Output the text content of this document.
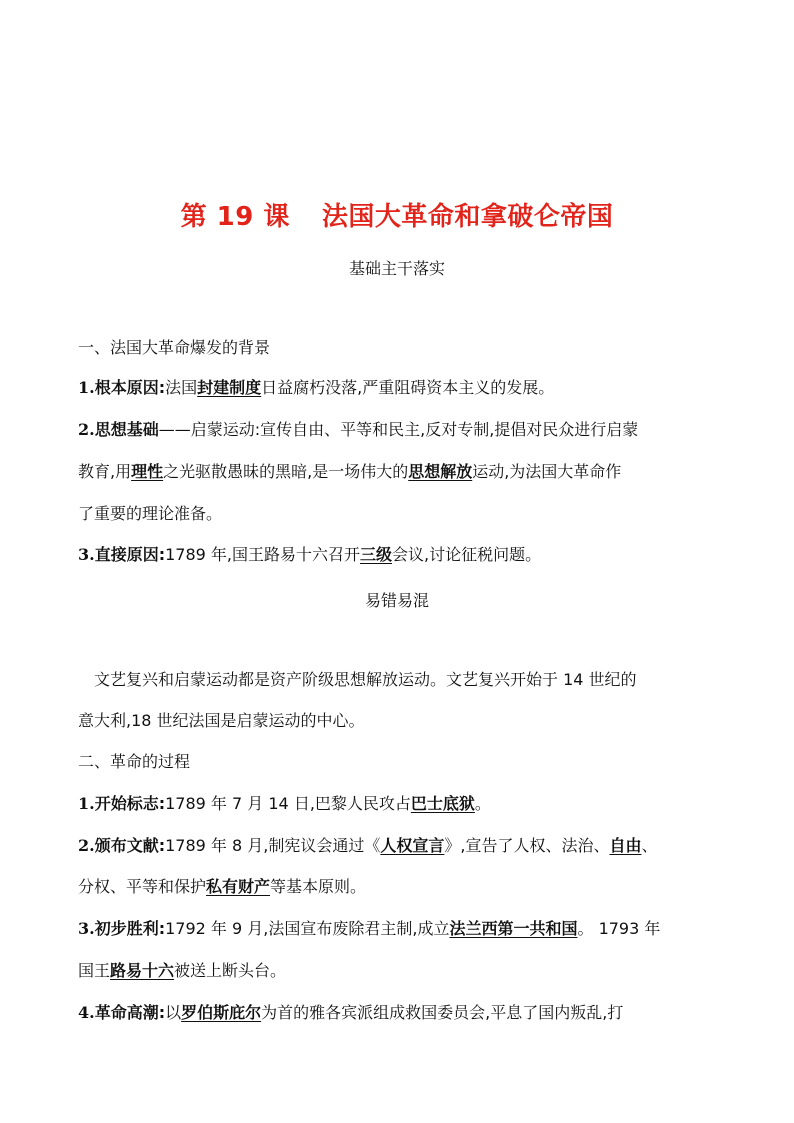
第 19 课 法国大革命和拿破仑帝国
基础主干落实
一、法国大革命爆发的背景
1.根本原因:法国封建制度日益腐朽没落,严重阻碍资本主义的发展。
2.思想基础——启蒙运动:宣传自由、平等和民主,反对专制,提倡对民众进行启蒙
教育,用理性之光驱散愚昧的黑暗,是一场伟大的思想解放运动,为法国大革命作
了重要的理论准备。
3.直接原因:1789 年,国王路易十六召开三级会议,讨论征税问题。
易错易混
文艺复兴和启蒙运动都是资产阶级思想解放运动。文艺复兴开始于 14 世纪的
意大利,18 世纪法国是启蒙运动的中心。
二、革命的过程
1.开始标志:1789 年 7 月 14 日,巴黎人民攻占巴士底狱。
2.颁布文献:1789 年 8 月,制宪议会通过《人权宣言》,宣告了人权、法治、自由、
分权、平等和保护私有财产等基本原则。
3.初步胜利:1792 年 9 月,法国宣布废除君主制,成立法兰西第一共和国。 1793 年
国王路易十六被送上断头台。
4.革命高潮:以罗伯斯庇尔为首的雅各宾派组成救国委员会,平息了国内叛乱,打
